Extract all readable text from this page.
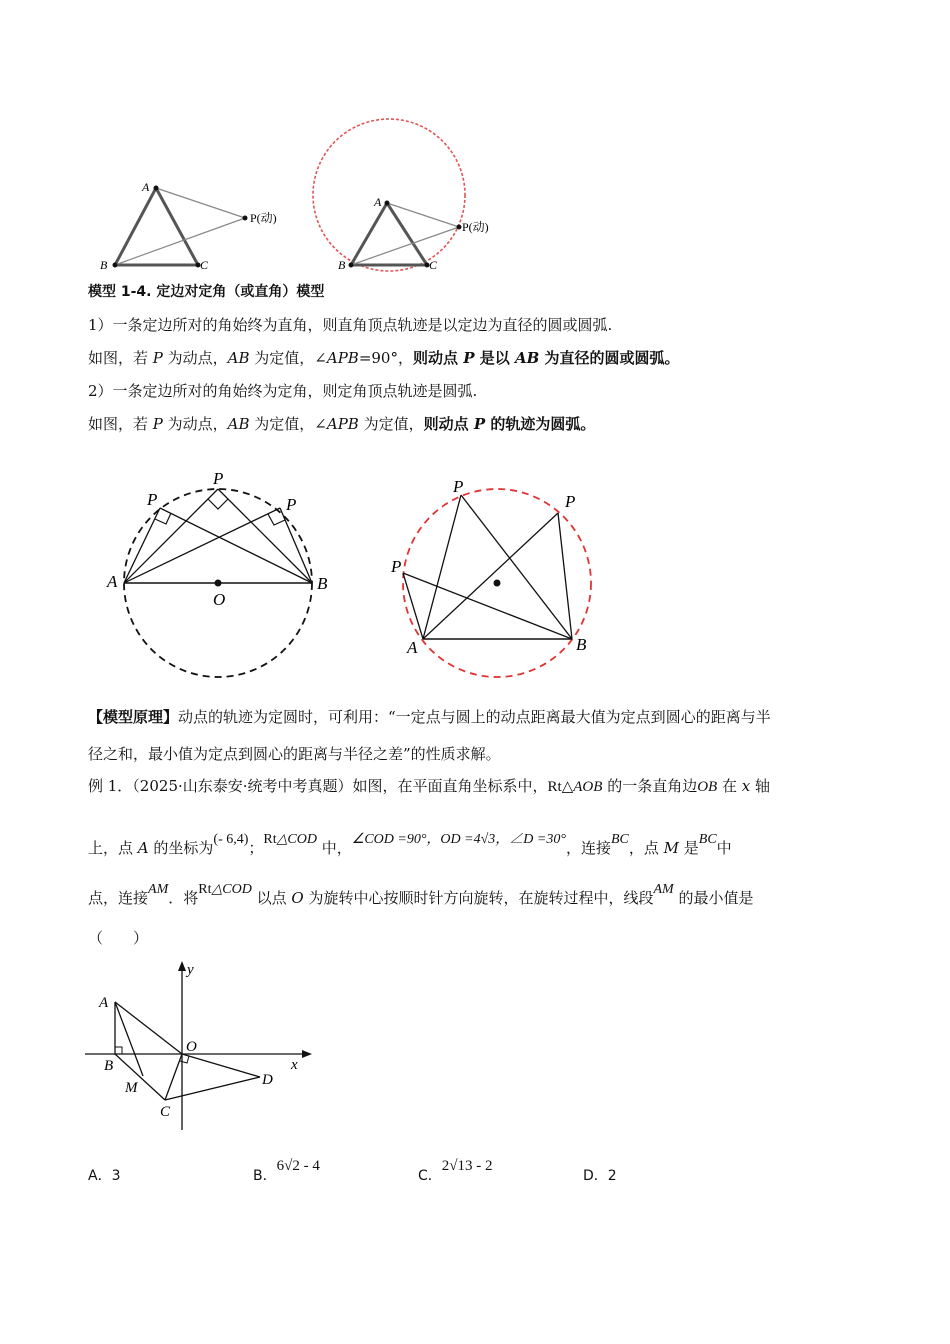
A
B	C
P(动)
A
B	C
P(动)
模型 1-4. 定边对定角（或直角）模型
1）一条定边所对的角始终为直角，则直角顶点轨迹是以定边为直径的圆或圆弧.
如图，若 P 为动点，AB 为定值，∠APB=90°，则动点 P 是以 AB 为直径的圆或圆弧。
2）一条定边所对的角始终为定角，则定角顶点轨迹是圆弧.
如图，若 P 为动点，AB 为定值，∠APB 为定值，则动点 P 的轨迹为圆弧。
P
P
P
A	B
O
P
P
P
A	B
【模型原理】动点的轨迹为定圆时，可利用：“一定点与圆上的动点距离最大值为定点到圆心的距离与半
径之和，最小值为定点到圆心的距离与半径之差”的性质求解。
例 1．（2025·山东泰安·统考中考真题）如图，在平面直角坐标系中，Rt△AOB 的一条直角边OB 在 x 轴
上，点 A 的坐标为(- 6,4)；Rt△COD 中，∠COD =90°，OD =4√3，∠D =30°，连接BC，点 M 是BC中
点，连接AM．将Rt△COD 以点 O 为旋转中心按顺时针方向旋转，在旋转过程中，线段AM 的最小值是
（　　）
y
x
A
B
O
M
C
D
A．3	B．6√2 - 4
C．2√13 - 2
D．2
